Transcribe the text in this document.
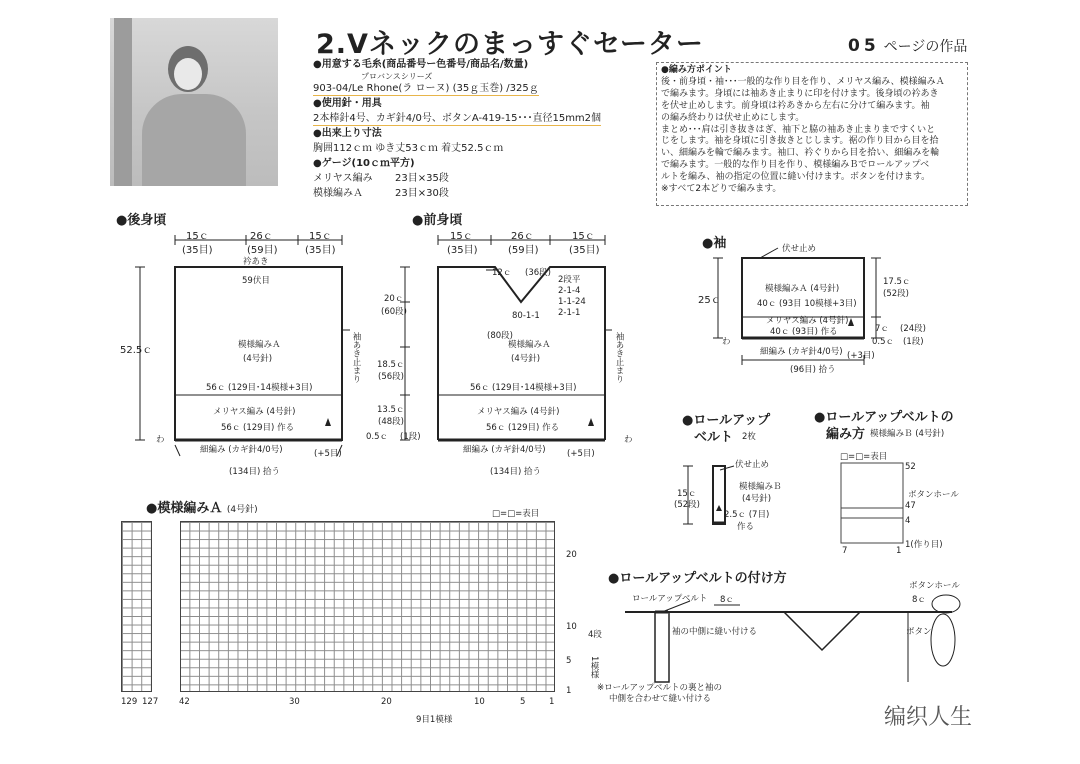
2.Vネックのまっすぐセーター	05 ページの作品
●用意する毛糸(商品番号ー色番号/商品名/数量)
プロバンスシリーズ
903-04/Le Rhone(ラ ローヌ) (35ｇ玉巻) /325ｇ
●使用針・用具
2本棒針4号、カギ針4/0号、ボタンA-419-15･･･直径15mm2個
●出来上り寸法
胸囲112ｃｍ ゆき丈53ｃｍ 着丈52.5ｃｍ
●ゲージ(10ｃｍ平方)
メリヤス編み 23目×35段
模様編みＡ	23目×30段
●編み方ポイント
後・前身頃・袖･･･一般的な作り目を作り、メリヤス編み、模様編みＡ
で編みます。身頃には袖あき止まりに印を付けます。後身頃の衿あき
を伏せ止めします。前身頃は衿あきから左右に分けて編みます。袖
の編み終わりは伏せ止めにします。
まとめ･･･肩は引き抜きはぎ、袖下と脇の袖あき止まりまですくいと
じをします。袖を身頃に引き抜きとじします。裾の作り目から目を拾
い、細編みを輪で編みます。袖口、衿ぐりから目を拾い、細編みを輪
で編みます。一般的な作り目を作り、模様編みＢでロールアップベ
ルトを編み、袖の指定の位置に縫い付けます。ボタンを付けます。
※すべて2本どりで編みます。
●後身頃
15ｃ	26ｃ	15ｃ
(35目)	(59目)	(35目)
衿あき
59伏目
52.5ｃ	模様編みＡ
(4号針)
56ｃ (129目･14模様+3目)
メリヤス編み (4号針)
56ｃ (129目) 作る
わ
細編み (カギ針4/0号)	(+5目)
(134目) 拾う
袖あき止まり
●前身頃
15ｃ	26ｃ	15ｃ
(35目)	(59目)	(35目)
12ｃ (36段)
2段平
2-1-4
1-1-24
2-1-1
80-1-1
20ｃ
(60段)
(80段)
18.5ｃ
(56段)
13.5ｃ
(48段)
0.5ｃ (1段)
模様編みＡ
(4号針)
56ｃ (129目･14模様+3目)
メリヤス編み (4号針)
56ｃ (129目) 作る
わ
細編み (カギ針4/0号)	(+5目)
(134目) 拾う
袖あき止まり
●袖	伏せ止め
25ｃ
17.5ｃ
(52段)
模様編みＡ (4号針)
40ｃ (93目 10模様+3目)
メリヤス編み (4号針)
40ｃ (93目) 作る	7ｃ (24段)
0.5ｃ (1段)
わ
細編み (カギ針4/0号) (+3目)
(96目) 拾う
●ロールアップ
ベルト 2枚
伏せ止め
15ｃ
(52段)
模様編みＢ
(4号針)
2.5ｃ (7目)
作る
●ロールアップベルトの
編み方 模様編みＢ (4号針)
□=□=表目
52
47
4
1(作り目)
7	1
ボタンホール
●模様編みＡ (4号針)	□=□=表目
20
10
5
1
4段
1模様
129 127 42	30	20	10	5	1
9目1模様
●ロールアップベルトの付け方
ロールアップベルト 8ｃ
袖の中側に縫い付ける
※ロールアップベルトの裏と袖の
中側を合わせて縫い付ける
ボタンホール
8ｃ
ボタン
编织人生
